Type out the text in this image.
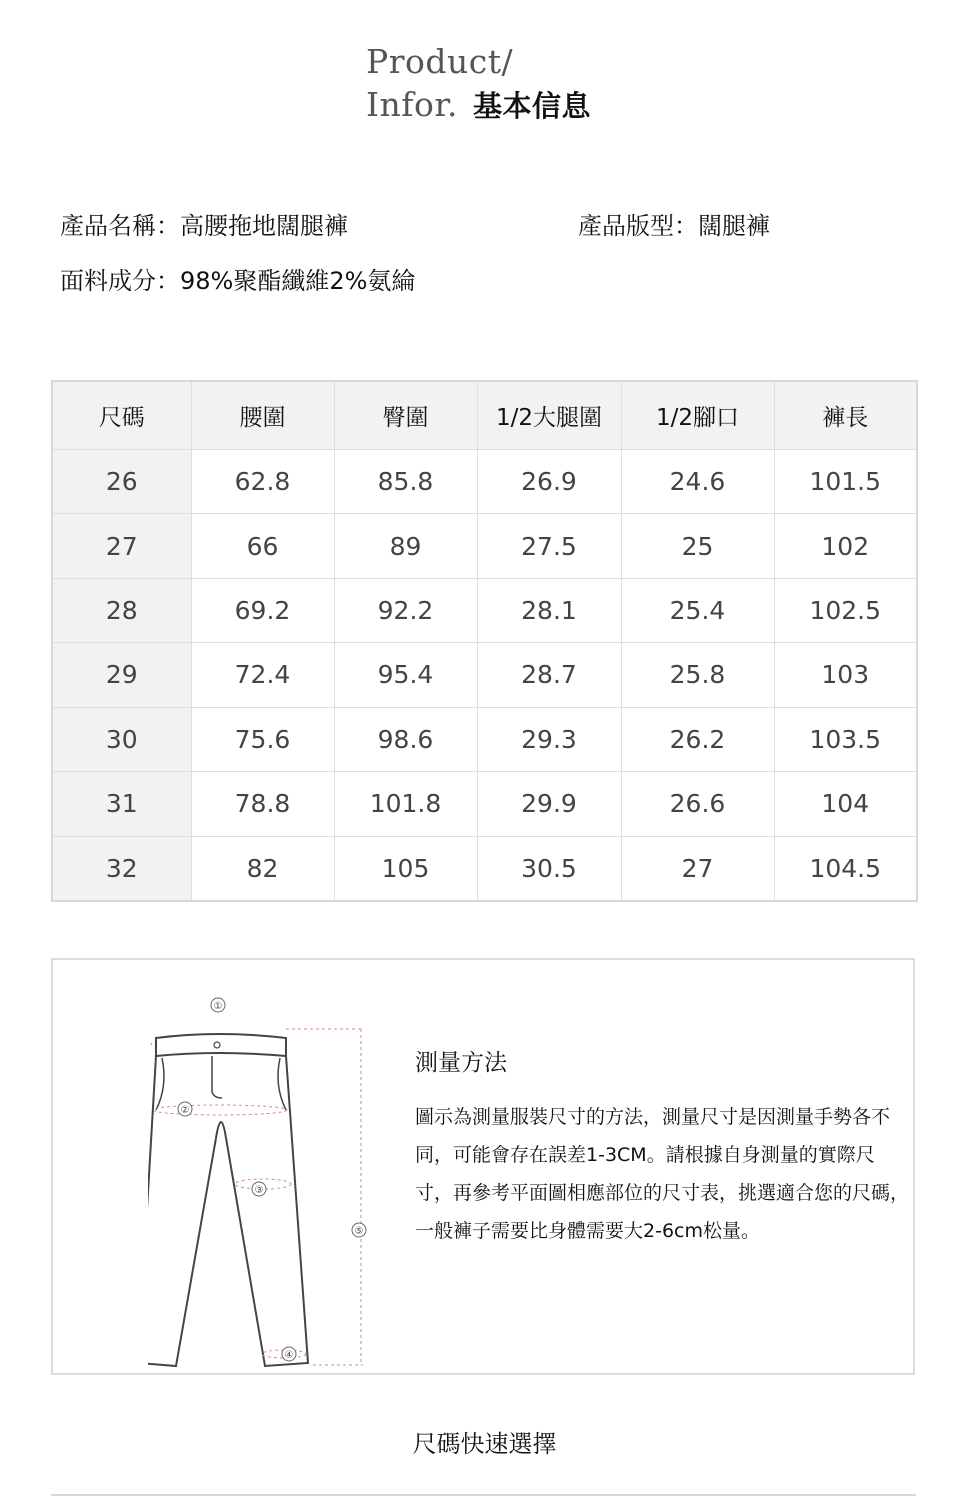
Product/
Infor. 基本信息
產品名稱：高腰拖地闊腿褲	產品版型：闊腿褲
面料成分：98%聚酯纖維2%氨綸
尺碼	腰圍	臀圍	1/2大腿圍	1/2腳口	褲長
26	62.8	85.8	26.9	24.6	101.5
27	66	89	27.5	25	102
28	69.2	92.2	28.1	25.4	102.5
29	72.4	95.4	28.7	25.8	103
30	75.6	98.6	29.3	26.2	103.5
31	78.8	101.8	29.9	26.6	104
32	82	105	30.5	27	104.5
①
②
③
⑤
④
測量方法
圖示為測量服裝尺寸的方法，測量尺寸是因測量手勢各不同，可能會存在誤差1-3CM。請根據自身測量的實際尺寸，再參考平面圖相應部位的尺寸表，挑選適合您的尺碼，一般褲子需要比身體需要大2-6cm松量。
尺碼快速選擇
